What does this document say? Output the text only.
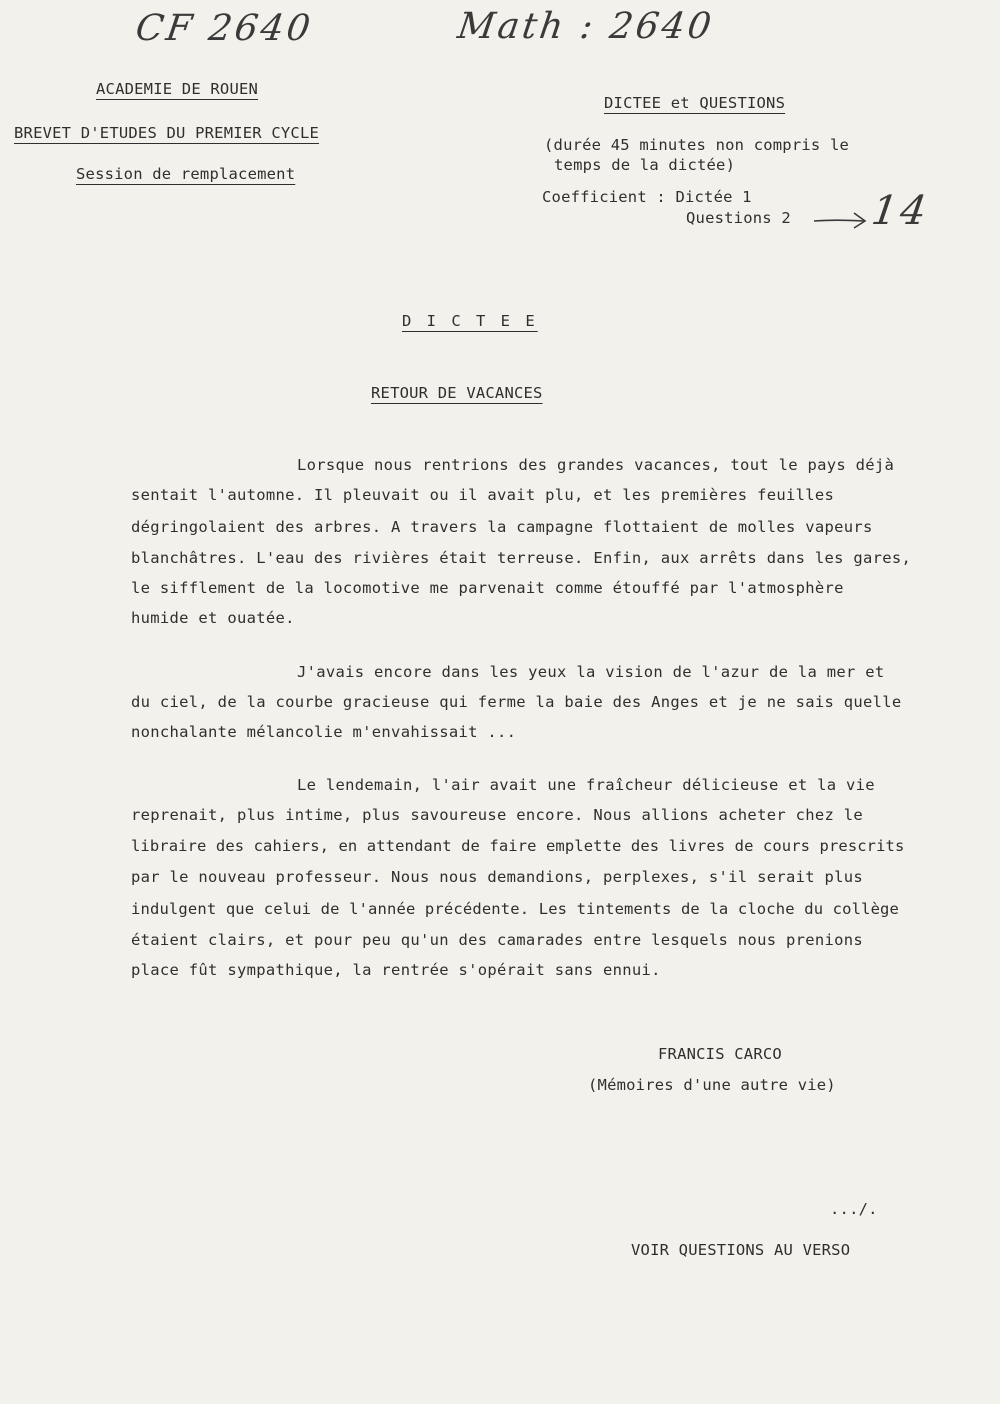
CF 2640	Math : 2640
ACADEMIE DE ROUEN
BREVET D'ETUDES DU PREMIER CYCLE
Session de remplacement
DICTEE et QUESTIONS
(durée 45 minutes non compris le
temps de la dictée)
Coefficient : Dictée 1
Questions 2 14
D I C T E E
RETOUR DE VACANCES
Lorsque nous rentrions des grandes vacances, tout le pays déjà
sentait l'automne. Il pleuvait ou il avait plu, et les premières feuilles
dégringolaient des arbres. A travers la campagne flottaient de molles vapeurs
blanchâtres. L'eau des rivières était terreuse. Enfin, aux arrêts dans les gares,
le sifflement de la locomotive me parvenait comme étouffé par l'atmosphère
humide et ouatée.
J'avais encore dans les yeux la vision de l'azur de la mer et
du ciel, de la courbe gracieuse qui ferme la baie des Anges et je ne sais quelle
nonchalante mélancolie m'envahissait ...
Le lendemain, l'air avait une fraîcheur délicieuse et la vie
reprenait, plus intime, plus savoureuse encore. Nous allions acheter chez le
libraire des cahiers, en attendant de faire emplette des livres de cours prescrits
par le nouveau professeur. Nous nous demandions, perplexes, s'il serait plus
indulgent que celui de l'année précédente. Les tintements de la cloche du collège
étaient clairs, et pour peu qu'un des camarades entre lesquels nous prenions
place fût sympathique, la rentrée s'opérait sans ennui.
FRANCIS CARCO
(Mémoires d'une autre vie)
.../.
VOIR QUESTIONS AU VERSO
